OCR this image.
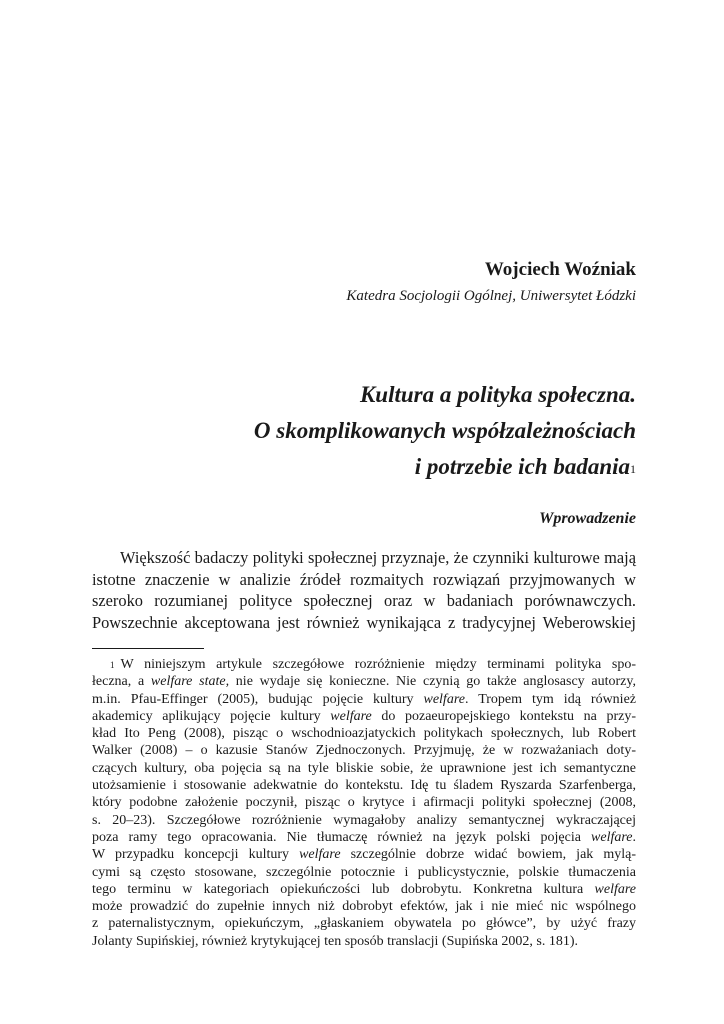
Wojciech Woźniak
Katedra Socjologii Ogólnej, Uniwersytet Łódzki
Kultura a polityka społeczna.
O skomplikowanych współzależnościach
i potrzebie ich badania$^1$
Wprowadzenie

Większość badaczy polityki społecznej przyznaje, że czynniki kulturowe mają istotne znaczenie w analizie źródeł rozmaitych rozwiązań przyjmowanych w szeroko rozumianej polityce społecznej oraz w badaniach porównawczych. Powszechnie akceptowana jest również wynikająca z tradycyjnej Weberowskiej

$^1$ W niniejszym artykule szczegółowe rozróżnienie między terminami polityka spo-
łeczna, a welfare state, nie wydaje się konieczne. Nie czynią go także anglosascy autorzy,
m.in. Pfau-Effinger (2005), budując pojęcie kultury welfare. Tropem tym idą również
akademicy aplikujący pojęcie kultury welfare do pozaeuropejskiego kontekstu na przy-
kład Ito Peng (2008), pisząc o wschodnioazjatyckich politykach społecznych, lub Robert
Walker (2008) – o kazusie Stanów Zjednoczonych. Przyjmuję, że w rozważaniach doty-
czących kultury, oba pojęcia są na tyle bliskie sobie, że uprawnione jest ich semantyczne
utożsamienie i stosowanie adekwatnie do kontekstu. Idę tu śladem Ryszarda Szarfenberga,
który podobne założenie poczynił, pisząc o krytyce i afirmacji polityki społecznej (2008,
s. 20–23). Szczegółowe rozróżnienie wymagałoby analizy semantycznej wykraczającej
poza ramy tego opracowania. Nie tłumaczę również na język polski pojęcia welfare.
W przypadku koncepcji kultury welfare szczególnie dobrze widać bowiem, jak mylą-
cymi są często stosowane, szczególnie potocznie i publicystycznie, polskie tłumaczenia
tego terminu w kategoriach opiekuńczości lub dobrobytu. Konkretna kultura welfare
może prowadzić do zupełnie innych niż dobrobyt efektów, jak i nie mieć nic wspólnego
z paternalistycznym, opiekuńczym, „głaskaniem obywatela po główce”, by użyć frazy
Jolanty Supińskiej, również krytykującej ten sposób translacji (Supińska 2002, s. 181).
